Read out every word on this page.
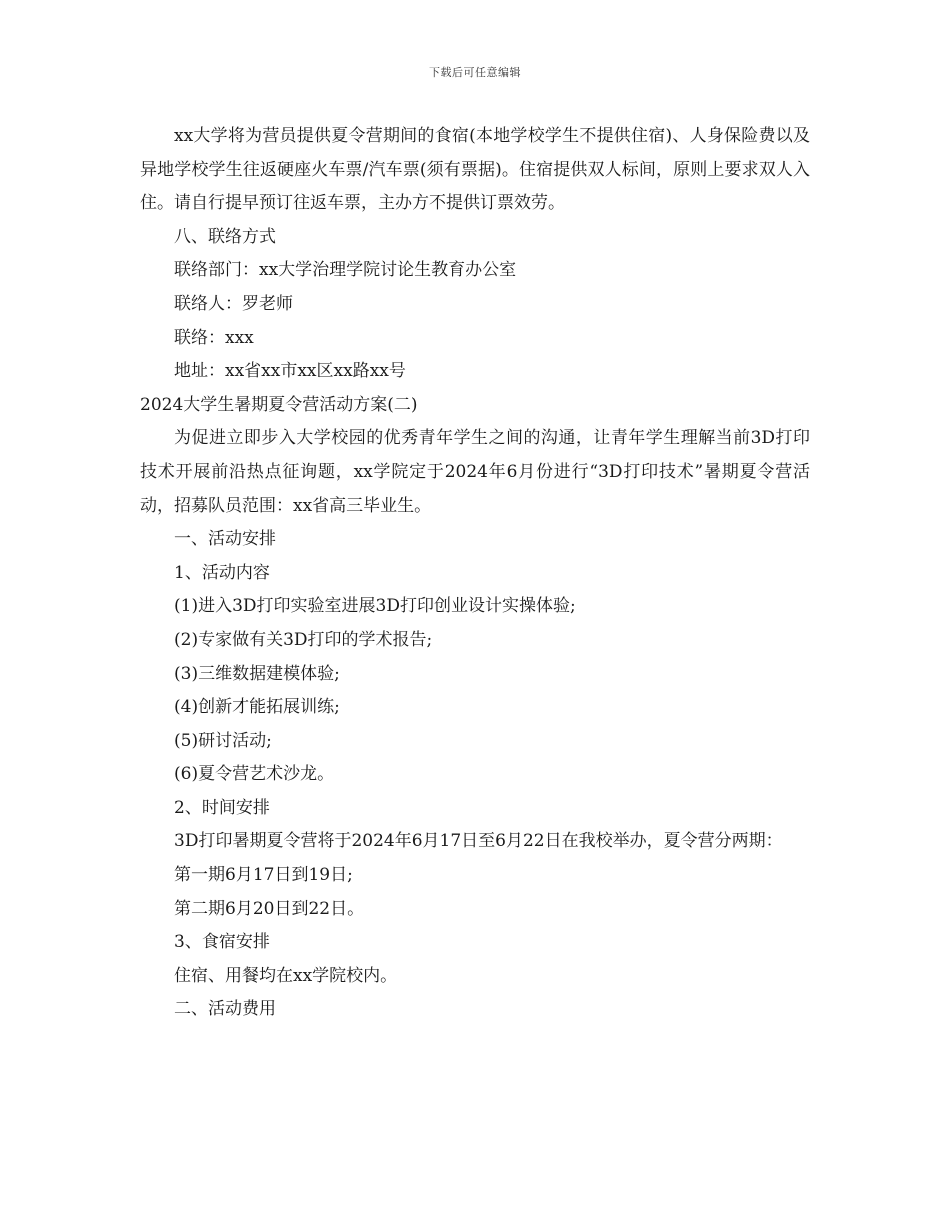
下载后可任意编辑

xx大学将为营员提供夏令营期间的食宿(本地学校学生不提供住宿)、人身保险费以及异地学校学生往返硬座火车票/汽车票(须有票据)。住宿提供双人标间，原则上要求双人入住。请自行提早预订往返车票，主办方不提供订票效劳。

八、联络方式

联络部门：xx大学治理学院讨论生教育办公室

联络人：罗老师

联络：xxx

地址：xx省xx市xx区xx路xx号

2024大学生暑期夏令营活动方案(二)

为促进立即步入大学校园的优秀青年学生之间的沟通，让青年学生理解当前3D打印技术开展前沿热点征询题，xx学院定于2024年6月份进行“3D打印技术”暑期夏令营活动，招募队员范围：xx省高三毕业生。

一、活动安排

1、活动内容

(1)进入3D打印实验室进展3D打印创业设计实操体验;

(2)专家做有关3D打印的学术报告;

(3)三维数据建模体验;

(4)创新才能拓展训练;

(5)研讨活动;

(6)夏令营艺术沙龙。

2、时间安排

3D打印暑期夏令营将于2024年6月17日至6月22日在我校举办，夏令营分两期：

第一期6月17日到19日;

第二期6月20日到22日。

3、食宿安排

住宿、用餐均在xx学院校内。

二、活动费用
